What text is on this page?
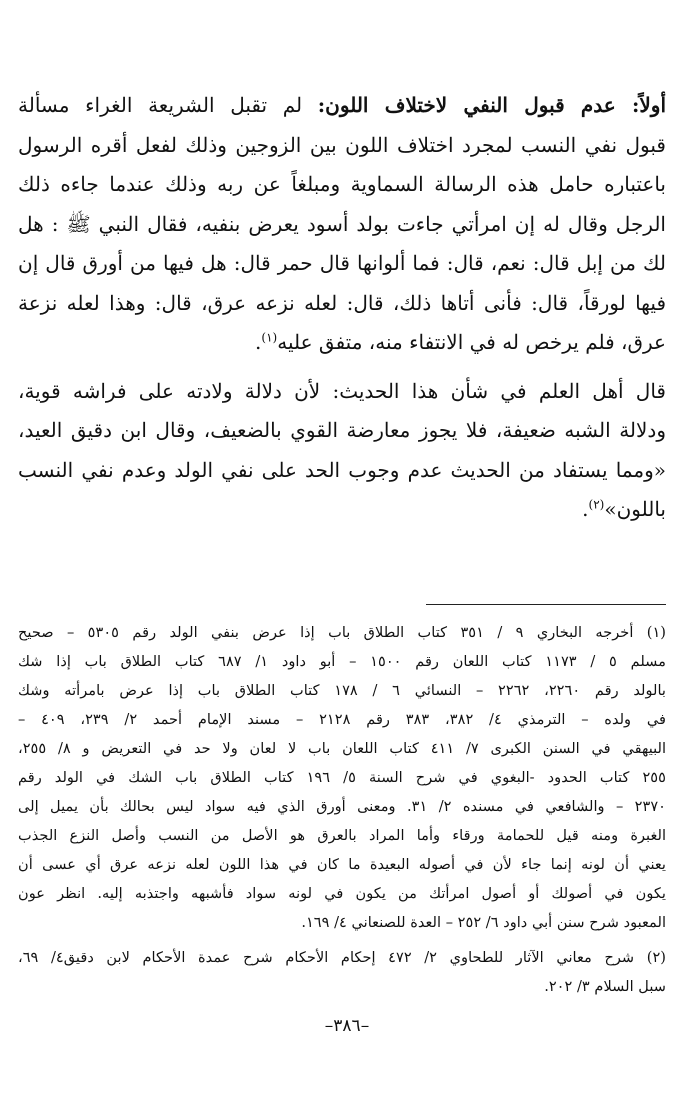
أولاً: عدم قبول النفي لاختلاف اللون: لم تقبل الشريعة الغراء مسألة
قبول نفي النسب لمجرد اختلاف اللون بين الزوجين وذلك لفعل أقره الرسول
باعتباره حامل هذه الرسالة السماوية ومبلغاً عن ربه وذلك عندما جاءه ذلك
الرجل وقال له إن امرأتي جاءت بولد أسود يعرض بنفيه، فقال النبي ﷺ : هل
لك من إبل قال: نعم، قال: فما ألوانها قال حمر قال: هل فيها من أورق قال إن
فيها لورقاً، قال: فأنى أتاها ذلك، قال: لعله نزعه عرق، قال: وهذا لعله نزعة
عرق، فلم يرخص له في الانتفاء منه، متفق عليه$^{(١)}$.
قال أهل العلم في شأن هذا الحديث: لأن دلالة ولادته على فراشه قوية،
ودلالة الشبه ضعيفة، فلا يجوز معارضة القوي بالضعيف، وقال ابن دقيق العيد،
«ومما يستفاد من الحديث عدم وجوب الحد على نفي الولد وعدم نفي النسب
باللون»$^{(٢)}$.
(١) أخرجه البخاري ٩ / ٣٥١ كتاب الطلاق باب إذا عرض بنفي الولد رقم ٥٣٠٥ – صحيح
مسلم ٥ / ١١٧٣ كتاب اللعان رقم ١٥٠٠ – أبو داود ١/ ٦٨٧ كتاب الطلاق باب إذا شك
بالولد رقم ٢٢٦٠، ٢٢٦٢ – النسائي ٦ / ١٧٨ كتاب الطلاق باب إذا عرض بامرأته وشك
في ولده – الترمذي ٤/ ٣٨٢، ٣٨٣ رقم ٢١٢٨ – مسند الإمام أحمد ٢/ ٢٣٩، ٤٠٩ –
البيهقي في السنن الكبرى ٧/ ٤١١ كتاب اللعان باب لا لعان ولا حد في التعريض و ٨/ ٢٥٥،
٢٥٥ كتاب الحدود -البغوي في شرح السنة ٥/ ١٩٦ كتاب الطلاق باب الشك في الولد رقم
٢٣٧٠ – والشافعي في مسنده ٢/ ٣١. ومعنى أورق الذي فيه سواد ليس بحالك بأن يميل إلى
الغبرة ومنه قيل للحمامة ورقاء وأما المراد بالعرق هو الأصل من النسب وأصل النزع الجذب
يعني أن لونه إنما جاء لأن في أصوله البعيدة ما كان في هذا اللون لعله نزعه عرق أي عسى أن
يكون في أصولك أو أصول امرأتك من يكون في لونه سواد فأشبهه واجتذبه إليه. انظر عون
المعبود شرح سنن أبي داود ٦/ ٢٥٢ – العدة للصنعاني ٤/ ١٦٩.
(٢) شرح معاني الآثار للطحاوي ٢/ ٤٧٢ إحكام الأحكام شرح عمدة الأحكام لابن دقيق٤/ ٦٩،
سبل السلام ٣/ ٢٠٢.
–٣٨٦–
